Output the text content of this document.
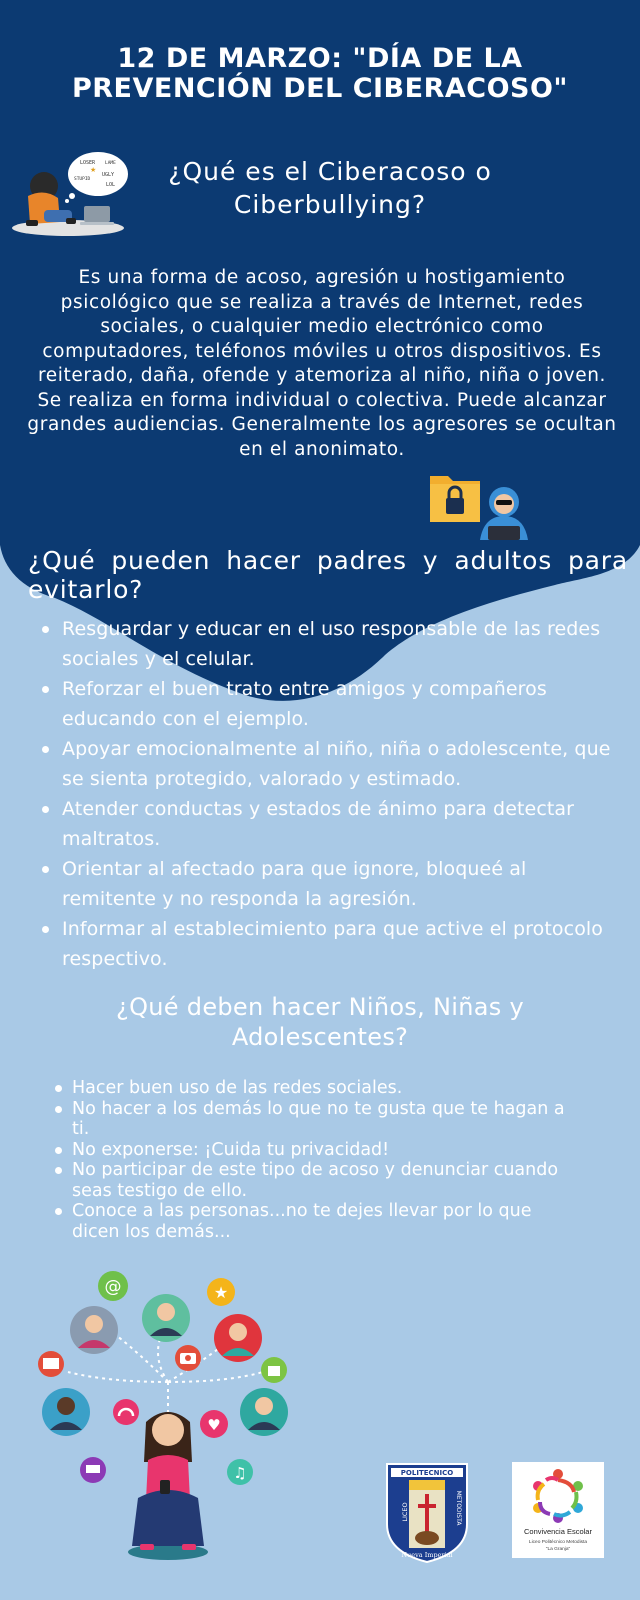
12 DE MARZO: "DÍA DE LA
PREVENCIÓN DEL CIBERACOSO"
LOSER LAME
UGLY
STUPID
LOL
★	¿Qué es el Ciberacoso o Ciberbullying?

Es una forma de acoso, agresión u hostigamiento psicológico que se realiza a través de Internet, redes sociales, o cualquier medio electrónico como computadores, teléfonos móviles u otros dispositivos. Es reiterado, daña, ofende y atemoriza al niño, niña o joven. Se realiza en forma individual o colectiva. Puede alcanzar grandes audiencias. Generalmente los agresores se ocultan en el anonimato.

¿Qué pueden hacer padres y adultos para evitarlo?
Resguardar y educar en el uso responsable de las redes sociales y el celular.
Reforzar el buen trato entre amigos y compañeros educando con el ejemplo.
Apoyar emocionalmente al niño, niña o adolescente, que se sienta protegido, valorado y estimado.
Atender conductas y estados de ánimo para detectar maltratos.
Orientar al afectado para que ignore, bloqueé al remitente y no responda la agresión.
Informar al establecimiento para que active el protocolo respectivo.
¿Qué deben hacer Niños, Niñas y Adolescentes?
Hacer buen uso de las redes sociales.
No hacer a los demás lo que no te gusta que te hagan a ti.
No exponerse: ¡Cuida tu privacidad!
No participar de este tipo de acoso y denunciar cuando seas testigo de ello.
Conoce a las personas...no te dejes llevar por lo que dicen los demás...
@	★
♥
♫	POLITECNICO
LICEO	METODISTA
Nueva Imperial
Convivencia Escolar
Liceo Politécnico Metodista
"La Granja"
